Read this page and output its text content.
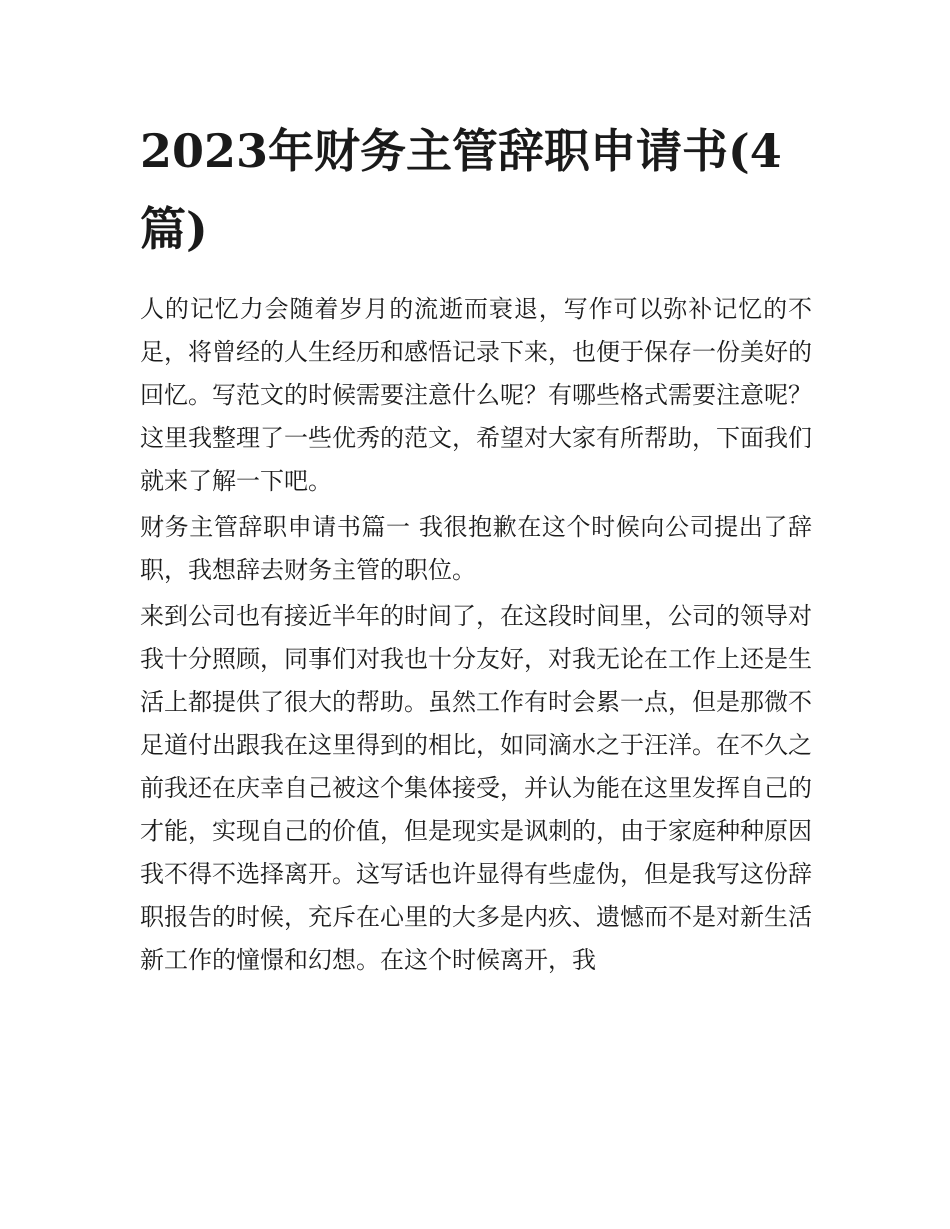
2023年财务主管辞职申请书(4篇)

人的记忆力会随着岁月的流逝而衰退，写作可以弥补记忆的不足，将曾经的人生经历和感悟记录下来，也便于保存一份美好的回忆。写范文的时候需要注意什么呢？有哪些格式需要注意呢？这里我整理了一些优秀的范文，希望对大家有所帮助，下面我们就来了解一下吧。

财务主管辞职申请书篇一 我很抱歉在这个时候向公司提出了辞职，我想辞去财务主管的职位。

来到公司也有接近半年的时间了，在这段时间里，公司的领导对我十分照顾，同事们对我也十分友好，对我无论在工作上还是生活上都提供了很大的帮助。虽然工作有时会累一点，但是那微不足道付出跟我在这里得到的相比，如同滴水之于汪洋。在不久之前我还在庆幸自己被这个集体接受，并认为能在这里发挥自己的才能，实现自己的价值，但是现实是讽刺的，由于家庭种种原因我不得不选择离开。这写话也许显得有些虚伪，但是我写这份辞职报告的时候，充斥在心里的大多是内疚、遗憾而不是对新生活新工作的憧憬和幻想。在这个时候离开，我
